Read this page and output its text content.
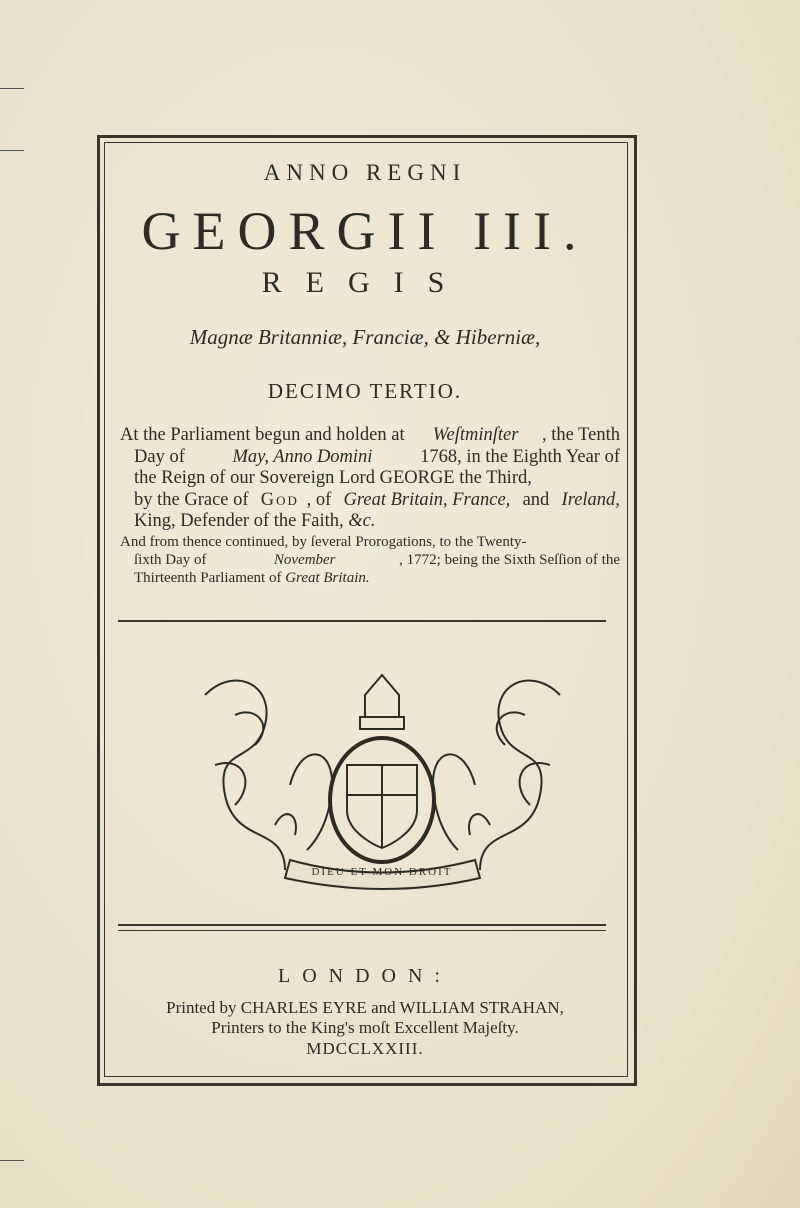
ANNO REGNI
GEORGII III.
REGIS
Magnæ Britanniæ, Franciæ, & Hiberniæ,
DECIMO TERTIO.
At the Parliament begun and holden at Weſtminſter , the Tenth
Day of May, Anno Domini 1768, in the Eighth Year of
the Reign of our Sovereign Lord GEORGE the Third,
by the Grace of God , of Great Britain, France, and Ireland,
King, Defender of the Faith, &c.
And from thence continued, by ſeveral Prorogations, to the Twenty-
ſixth Day of	November	, 1772; being the Sixth Seſſion of the
Thirteenth Parliament of Great Britain.
DIEU ET MON DROIT
LONDON:
Printed by CHARLES EYRE and WILLIAM STRAHAN,
Printers to the King's moſt Excellent Majeſty.
MDCCLXXIII.
